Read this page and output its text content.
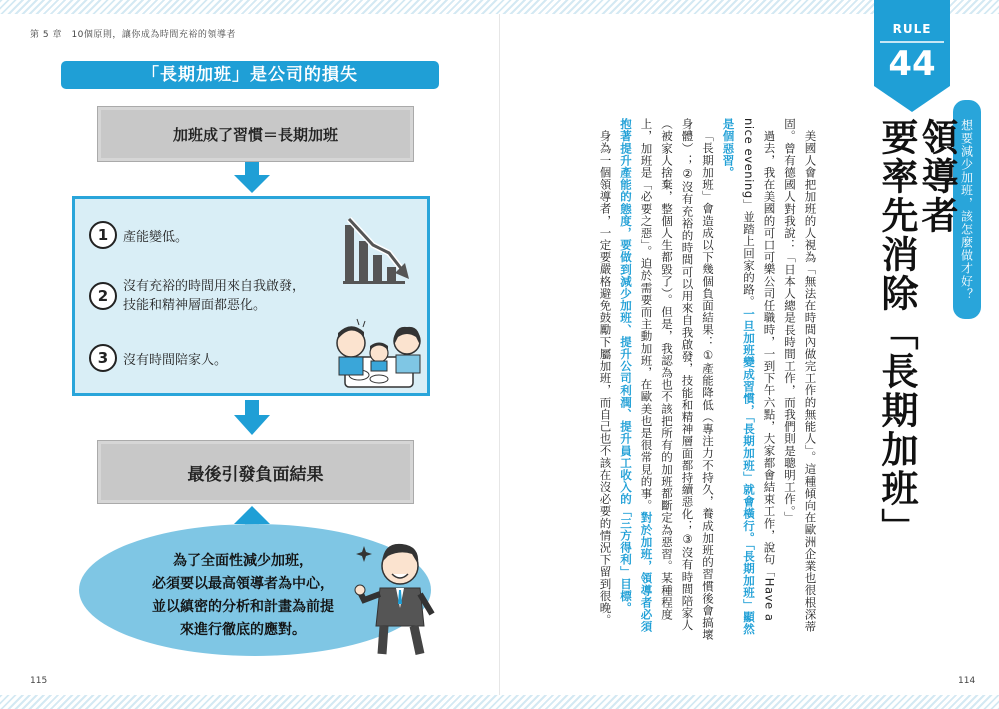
第 5 章　10個原則，讓你成為時間充裕的領導者
「長期加班」是公司的損失
加班成了習慣＝長期加班
1	產能變低。
2
沒有充裕的時間用來自我啟發，
技能和精神層面都惡化。
3	沒有時間陪家人。
最後引發負面結果
為了全面性減少加班，
必須要以最高領導者為中心，
並以縝密的分析和計畫為前提
來進行徹底的應對。
115
RULE
44
想要減少加班，該怎麼做才好？
領導者
要率先消除「長期加班」

美國人會把加班的人視為「無法在時間內做完工作的無能人」。這種傾向在歐洲企業也很根深蒂固。曾有德國人對我說：「日本人總是長時間工作，而我們則是聰明工作。」

過去，我在美國的可口可樂公司任職時，一到下午六點，大家都會結束工作，說句「Have a nice evening」並踏上回家的路。一旦加班變成習慣，「長期加班」就會橫行。「長期加班」顯然是個惡習。

「長期加班」會造成以下幾個負面結果：①產能降低（專注力不持久，養成加班的習慣後會搞壞身體）；②沒有充裕的時間可以用來自我啟發，技能和精神層面都持續惡化；③沒有時間陪家人（被家人捨棄，整個人生都毀了）。但是，我認為也不該把所有的加班都斷定為惡習。某種程度上，加班是「必要之惡」。迫於需要而主動加班，在歐美也是很常見的事。對於加班，領導者必須抱著提升產能的態度，要做到減少加班、提升公司利潤、提升員工收入的「三方得利」目標。

身為一個領導者，一定要嚴格避免鼓勵下屬加班，而自己也不該在沒必要的情況下留到很晚。

114
